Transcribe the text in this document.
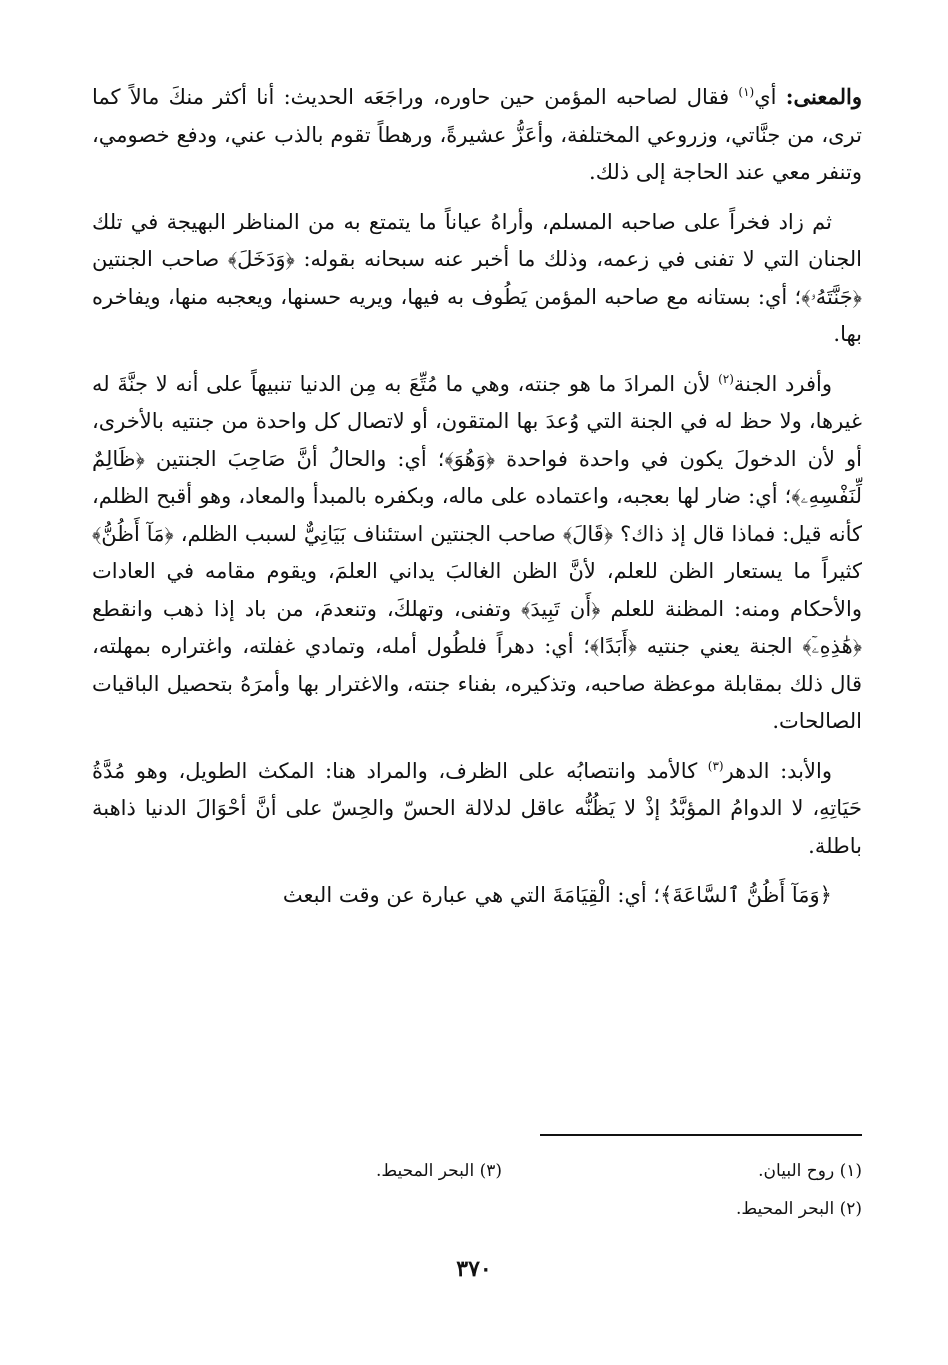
والمعنى: أي$^{(١)}$ فقال لصاحبه المؤمن حين حاوره، وراجَعَه الحديث: أنا أكثر منكَ مالاً كما ترى، من جنَّاتي، وزروعي المختلفة، وأعَزُّ عشيرةً، ورهطاً تقوم بالذب عني، ودفع خصومي، وتنفر معي عند الحاجة إلى ذلك.

ثم زاد فخراً على صاحبه المسلم، وأراهُ عياناً ما يتمتع به من المناظر البهيجة في تلك الجنان التي لا تفنى في زعمه، وذلك ما أخبر عنه سبحانه بقوله: ﴿وَدَخَلَ﴾ صاحب الجنتين ﴿جَنَّتَهُۥ﴾؛ أي: بستانه مع صاحبه المؤمن يَطُوف به فيها، ويريه حسنها، ويعجبه منها، ويفاخره بها.

وأفرد الجنة$^{(٢)}$ لأن المرادَ ما هو جنته، وهي ما مُتِّعَ به مِن الدنيا تنبيهاً على أنه لا جنَّةَ له غيرها، ولا حظ له في الجنة التي وُعدَ بها المتقون، أو لاتصال كل واحدة من جنتيه بالأخرى، أو لأن الدخولَ يكون في واحدة فواحدة ﴿وَهُوَ﴾؛ أي: والحالُ أنَّ صَاحِبَ الجنتين ﴿ظَالِمٌ لِّنَفْسِهِۦ﴾؛ أي: ضار لها بعجبه، واعتماده على ماله، وبكفره بالمبدأ والمعاد، وهو أقبح الظلم، كأنه قيل: فماذا قال إذ ذاك؟ ﴿قَالَ﴾ صاحب الجنتين استئناف بَيَانِيٌّ لسبب الظلم، ﴿مَآ أَظُنُّ﴾ كثيراً ما يستعار الظن للعلم، لأنَّ الظن الغالبَ يداني العلمَ، ويقوم مقامه في العادات والأحكام ومنه: المظنة للعلم ﴿أَن تَبِيدَ﴾ وتفنى، وتهلكَ، وتنعدمَ، من باد إذا ذهب وانقطع ﴿هَٰذِهِۦٓ﴾ الجنة يعني جنتيه ﴿أَبَدًا﴾؛ أي: دهراً فلطُول أمله، وتمادي غفلته، واغتراره بمهلته، قال ذلك بمقابلة موعظة صاحبه، وتذكيره، بفناء جنته، والاغترار بها وأمرَهُ بتحصيل الباقيات الصالحات.

والأبد: الدهر$^{(٣)}$ كالأمد وانتصابُه على الظرف، والمراد هنا: المكث الطويل، وهو مُدَّةُ حَيَاتِهِ، لا الدوامُ المؤبَّدُ إذْ لا يَظُنُّه عاقل لدلالة الحسّ والحِسّ على أنَّ أحْوَالَ الدنيا ذاهبة باطلة.

﴿وَمَآ أَظُنُّ ٱلسَّاعَةَ﴾؛ أي: الْقِيَامَةَ التي هي عبارة عن وقت البعث

(١) روح البيان.
(٣) البحر المحيط.
(٢) البحر المحيط.
٣٧٠
